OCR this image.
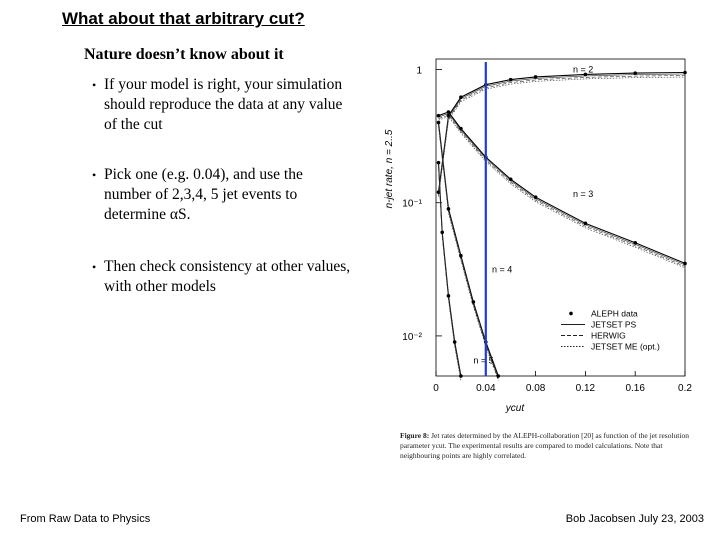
What about that arbitrary cut?
Nature doesn’t know about it
• If your model is right, your simulation should reproduce the data at any value of the cut
• Pick one (e.g. 0.04), and use the number of 2,3,4, 5 jet events to determine αS.
• Then check consistency at other values, with other models
0	0.04	0.08	0.12	0.16	0.2
ycut
1
10⁻¹
10⁻²
n-jet rate, n = 2..5
n = 2
n = 3
n = 4
n = 5
ALEPH data
JETSET PS
HERWIG
JETSET ME (opt.)
Figure 8: Jet rates determined by the ALEPH-collaboration [20] as function of the jet resolution parameter ycut. The experimental results are compared to model calculations. Note that neighbouring points are highly correlated.
From Raw Data to Physics	Bob Jacobsen July 23, 2003
